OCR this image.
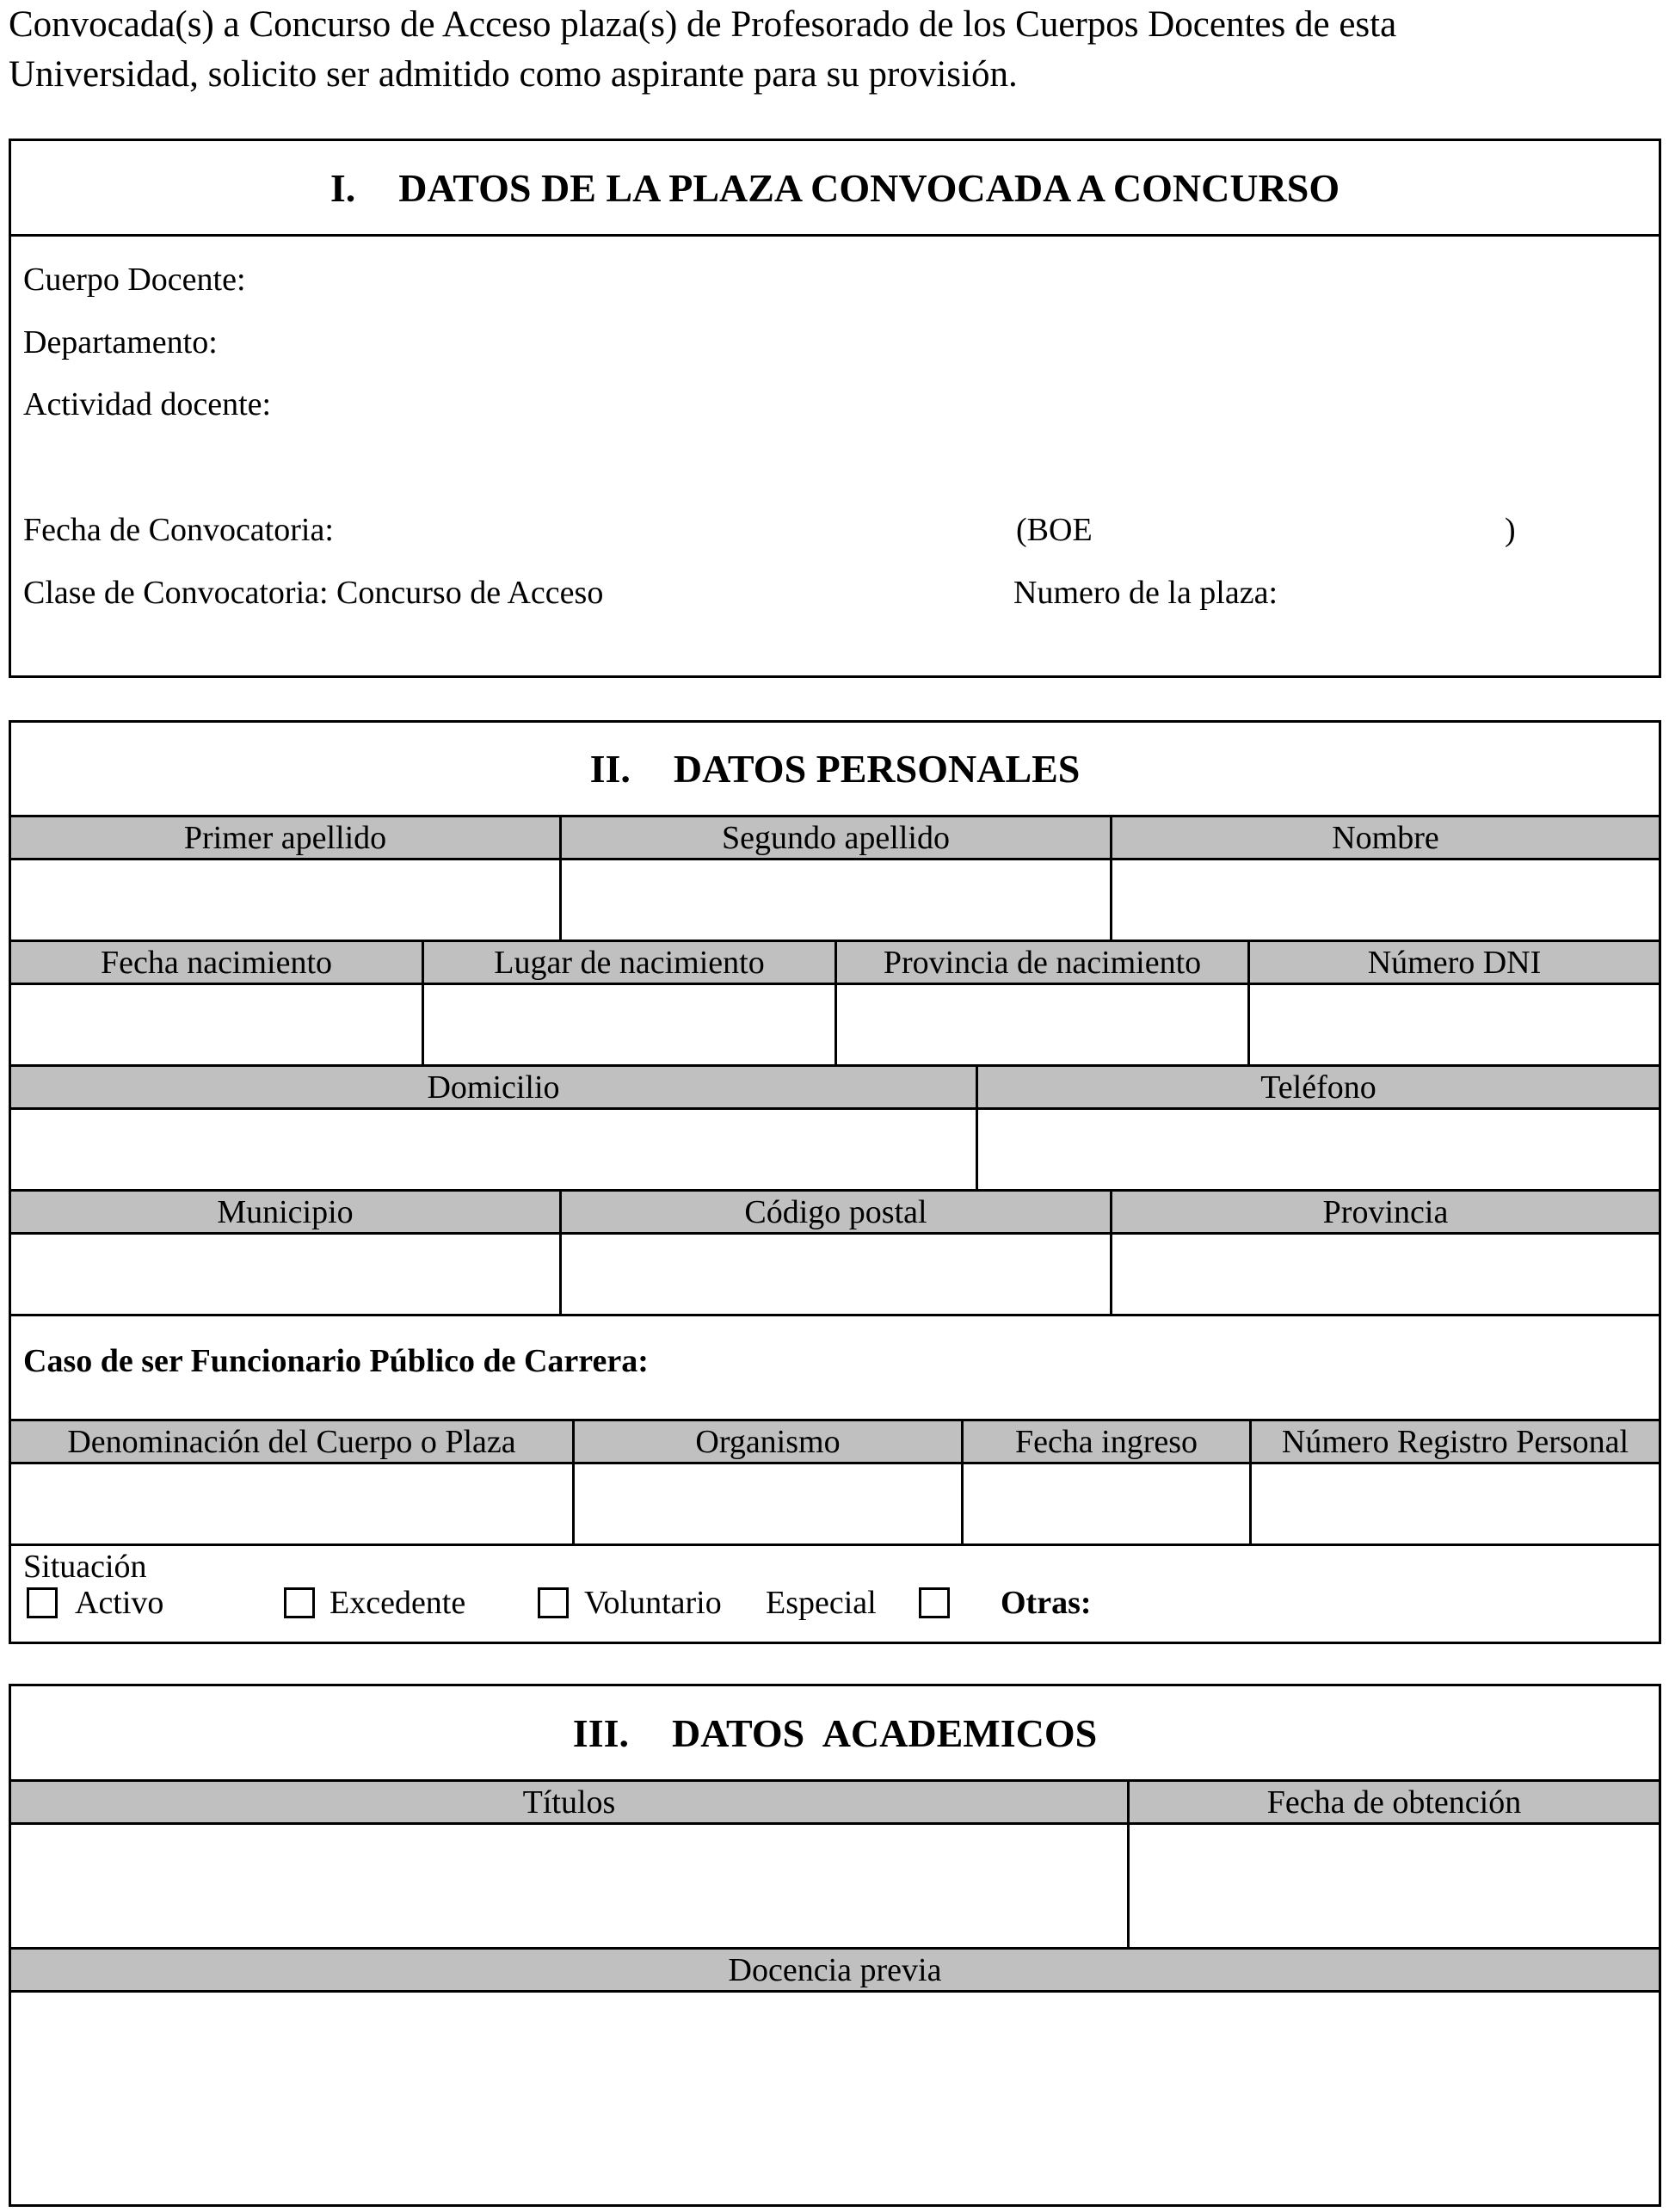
Convocada(s) a Concurso de Acceso plaza(s) de Profesorado de los Cuerpos Docentes de esta
Universidad, solicito ser admitido como aspirante para su provisión.

I. DATOS DE LA PLAZA CONVOCADA A CONCURSO
Cuerpo Docente:
Departamento:
Actividad docente:
Fecha de Convocatoria:	(BOE	)
Clase de Convocatoria: Concurso de Acceso	Numero de la plaza:
II. DATOS PERSONALES
Primer apellido	Segundo apellido	Nombre
Fecha nacimiento	Lugar de nacimiento	Provincia de nacimiento	Número DNI
Domicilio	Teléfono
Municipio	Código postal	Provincia
Caso de ser Funcionario Público de Carrera:
Denominación del Cuerpo o Plaza	Organismo	Fecha ingreso	Número Registro Personal
Situación
Activo	Excedente	Voluntario Especial	Otras:
III. DATOS  ACADEMICOS
Títulos	Fecha de obtención
Docencia previa
